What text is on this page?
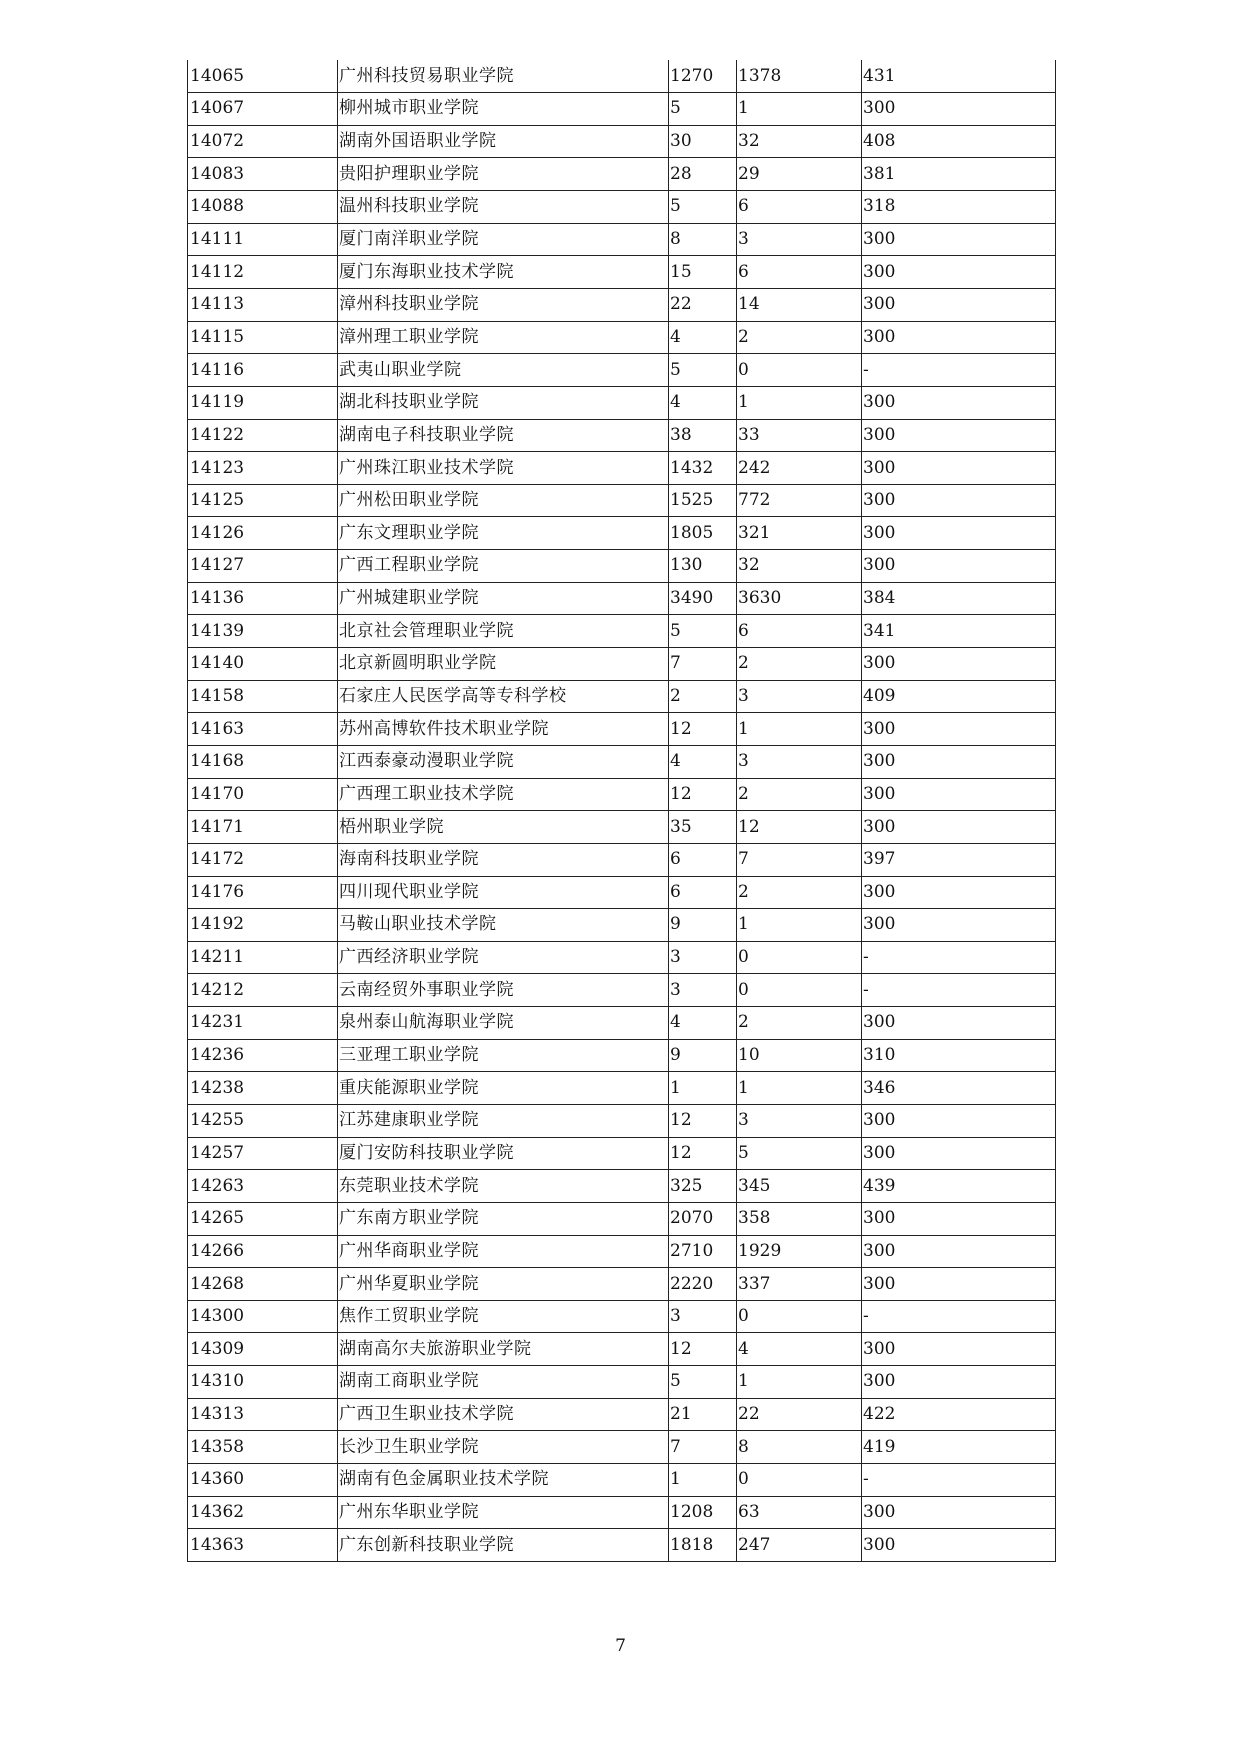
14065	广州科技贸易职业学院	1270	1378	431
14067	柳州城市职业学院	5	1	300
14072	湖南外国语职业学院	30	32	408
14083	贵阳护理职业学院	28	29	381
14088	温州科技职业学院	5	6	318
14111	厦门南洋职业学院	8	3	300
14112	厦门东海职业技术学院	15	6	300
14113	漳州科技职业学院	22	14	300
14115	漳州理工职业学院	4	2	300
14116	武夷山职业学院	5	0	-
14119	湖北科技职业学院	4	1	300
14122	湖南电子科技职业学院	38	33	300
14123	广州珠江职业技术学院	1432	242	300
14125	广州松田职业学院	1525	772	300
14126	广东文理职业学院	1805	321	300
14127	广西工程职业学院	130	32	300
14136	广州城建职业学院	3490	3630	384
14139	北京社会管理职业学院	5	6	341
14140	北京新圆明职业学院	7	2	300
14158	石家庄人民医学高等专科学校	2	3	409
14163	苏州高博软件技术职业学院	12	1	300
14168	江西泰豪动漫职业学院	4	3	300
14170	广西理工职业技术学院	12	2	300
14171	梧州职业学院	35	12	300
14172	海南科技职业学院	6	7	397
14176	四川现代职业学院	6	2	300
14192	马鞍山职业技术学院	9	1	300
14211	广西经济职业学院	3	0	-
14212	云南经贸外事职业学院	3	0	-
14231	泉州泰山航海职业学院	4	2	300
14236	三亚理工职业学院	9	10	310
14238	重庆能源职业学院	1	1	346
14255	江苏建康职业学院	12	3	300
14257	厦门安防科技职业学院	12	5	300
14263	东莞职业技术学院	325	345	439
14265	广东南方职业学院	2070	358	300
14266	广州华商职业学院	2710	1929	300
14268	广州华夏职业学院	2220	337	300
14300	焦作工贸职业学院	3	0	-
14309	湖南高尔夫旅游职业学院	12	4	300
14310	湖南工商职业学院	5	1	300
14313	广西卫生职业技术学院	21	22	422
14358	长沙卫生职业学院	7	8	419
14360	湖南有色金属职业技术学院	1	0	-
14362	广州东华职业学院	1208	63	300
14363	广东创新科技职业学院	1818	247	300
7
